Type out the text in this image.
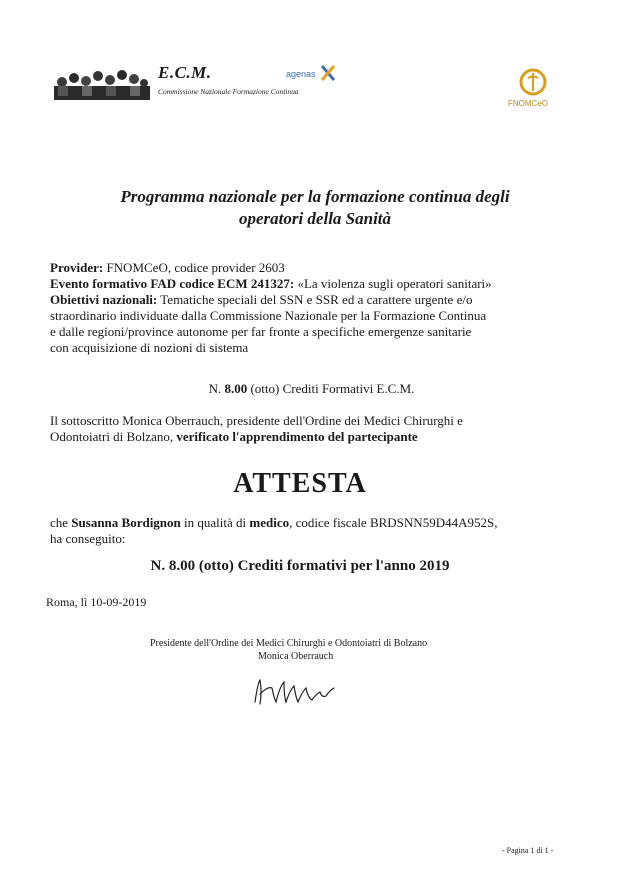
E.C.M.
Commissione Nazionale Formazione Continua
agenas
FNOMCeO
Programma nazionale per la formazione continua degli
operatori della Sanità
Provider: FNOMCeO, codice provider 2603
Evento formativo FAD codice ECM 241327: «La violenza sugli operatori sanitari»
Obiettivi nazionali: Tematiche speciali del SSN e SSR ed a carattere urgente e/o
straordinario individuate dalla Commissione Nazionale per la Formazione Continua
e dalle regioni/province autonome per far fronte a specifiche emergenze sanitarie
con acquisizione di nozioni di sistema
N. 8.00 (otto) Crediti Formativi E.C.M.
Il sottoscritto Monica Oberrauch, presidente dell'Ordine dei Medici Chirurghi e
Odontoiatri di Bolzano, verificato l'apprendimento del partecipante
ATTESTA
che Susanna Bordignon in qualità di medico, codice fiscale BRDSNN59D44A952S,
ha conseguito:
N. 8.00 (otto) Crediti formativi per l'anno 2019
Roma, lì 10-09-2019
Presidente dell'Ordine dei Medici Chirurghi e Odontoiatri di Bolzano
Monica Oberrauch
- Pagina 1 di 1 -
